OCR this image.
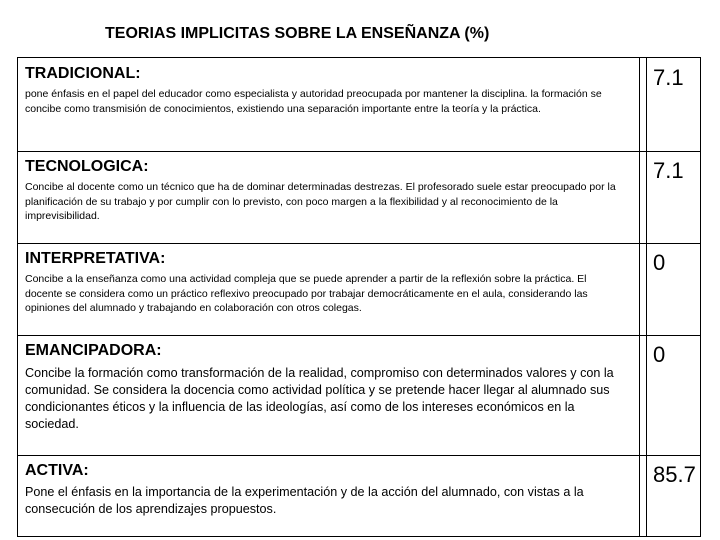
TEORIAS IMPLICITAS SOBRE LA ENSEÑANZA (%)
TRADICIONAL:
pone énfasis en el papel del educador como especialista y autoridad preocupada por mantener la disciplina. la formación se concibe como transmisión de conocimientos, existiendo una separación importante entre la teoría y la práctica.
7.1
TECNOLOGICA:
Concibe al docente como un técnico que ha de dominar determinadas destrezas. El profesorado suele estar preocupado por la planificación de su trabajo y por cumplir con lo previsto, con poco margen a la flexibilidad y al reconocimiento de la imprevisibilidad.
7.1
INTERPRETATIVA:
Concibe a la enseñanza como una actividad compleja que se puede aprender a partir de la reflexión sobre la práctica. El docente se considera como un práctico reflexivo preocupado por trabajar democráticamente en el aula, considerando las opiniones del alumnado y trabajando en colaboración con otros colegas.
0
EMANCIPADORA:
Concibe la formación como transformación de la realidad, compromiso con determinados valores y con la comunidad. Se considera la docencia como actividad política y se pretende hacer llegar al alumnado sus condicionantes éticos y la influencia de las ideologías, así como de los intereses económicos en la sociedad.
0
ACTIVA:
Pone el énfasis en la importancia de la experimentación y de la acción del alumnado, con vistas a la consecución de los aprendizajes propuestos.
85.7
